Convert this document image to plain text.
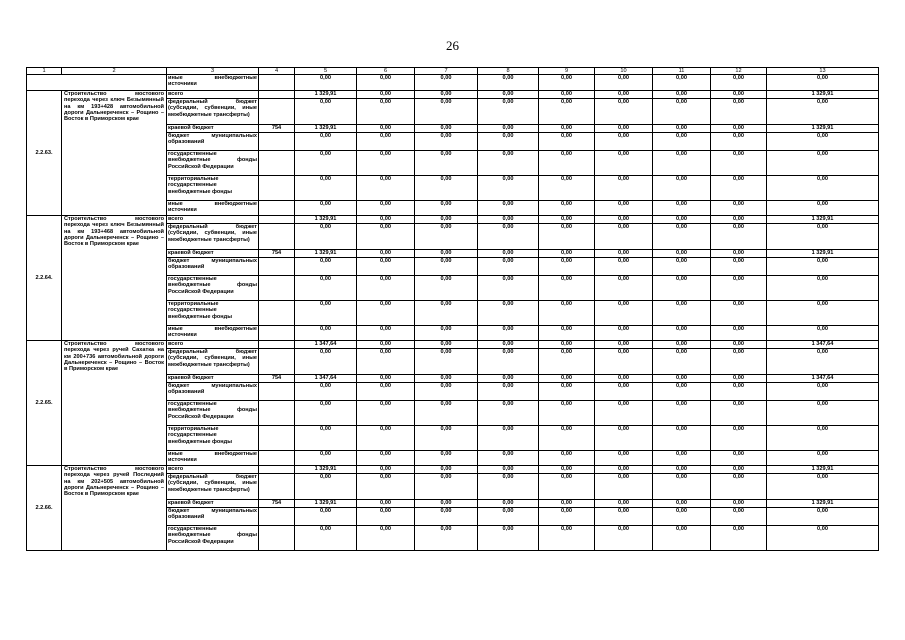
26
1	2	3	4	5	6	7	8	9	10	11	12	13
		иные внебюджетные источники		0,00	0,00	0,00	0,00	0,00	0,00	0,00	0,00	0,00
2.2.63.	Строительство мостового перехода через ключ Безымянный на км 193+428 автомобильной дороги Дальнереченск – Рощино – Восток в Приморском крае	всего		1 329,91	0,00	0,00	0,00	0,00	0,00	0,00	0,00	1 329,91
		федеральный бюджет (субсидии, субвенции, иные межбюджетные трансферты)		0,00	0,00	0,00	0,00	0,00	0,00	0,00	0,00	0,00
		краевой бюджет	754	1 329,91	0,00	0,00	0,00	0,00	0,00	0,00	0,00	1 329,91
		бюджет муниципальных образований		0,00	0,00	0,00	0,00	0,00	0,00	0,00	0,00	0,00
		государственные внебюджетные фонды Российской Федерации		0,00	0,00	0,00	0,00	0,00	0,00	0,00	0,00	0,00
		территориальные государственные внебюджетные фонды		0,00	0,00	0,00	0,00	0,00	0,00	0,00	0,00	0,00
		иные внебюджетные источники		0,00	0,00	0,00	0,00	0,00	0,00	0,00	0,00	0,00
2.2.64.	Строительство мостового перехода через ключ Безымянный на км 193+468 автомобильной дороги Дальнереченск – Рощино – Восток в Приморском крае	всего		1 329,91	0,00	0,00	0,00	0,00	0,00	0,00	0,00	1 329,91
		федеральный бюджет (субсидии, субвенции, иные межбюджетные трансферты)		0,00	0,00	0,00	0,00	0,00	0,00	0,00	0,00	0,00
		краевой бюджет	754	1 329,91	0,00	0,00	0,00	0,00	0,00	0,00	0,00	1 329,91
		бюджет муниципальных образований		0,00	0,00	0,00	0,00	0,00	0,00	0,00	0,00	0,00
		государственные внебюджетные фонды Российской Федерации		0,00	0,00	0,00	0,00	0,00	0,00	0,00	0,00	0,00
		территориальные государственные внебюджетные фонды		0,00	0,00	0,00	0,00	0,00	0,00	0,00	0,00	0,00
		иные внебюджетные источники		0,00	0,00	0,00	0,00	0,00	0,00	0,00	0,00	0,00
2.2.65.	Строительство мостового перехода через ручей Сахатка на км 200+736 автомобильной дороги Дальнереченск – Рощино – Восток в Приморском крае	всего		1 347,64	0,00	0,00	0,00	0,00	0,00	0,00	0,00	1 347,64
		федеральный бюджет (субсидии, субвенции, иные межбюджетные трансферты)		0,00	0,00	0,00	0,00	0,00	0,00	0,00	0,00	0,00
		краевой бюджет	754	1 347,64	0,00	0,00	0,00	0,00	0,00	0,00	0,00	1 347,64
		бюджет муниципальных образований		0,00	0,00	0,00	0,00	0,00	0,00	0,00	0,00	0,00
		государственные внебюджетные фонды Российской Федерации		0,00	0,00	0,00	0,00	0,00	0,00	0,00	0,00	0,00
		территориальные государственные внебюджетные фонды		0,00	0,00	0,00	0,00	0,00	0,00	0,00	0,00	0,00
		иные внебюджетные источники		0,00	0,00	0,00	0,00	0,00	0,00	0,00	0,00	0,00
2.2.66.	Строительство мостового перехода через ручей Последний на км 202+505 автомобильной дороги Дальнереченск – Рощино – Восток в Приморском крае	всего		1 329,91	0,00	0,00	0,00	0,00	0,00	0,00	0,00	1 329,91
		федеральный бюджет (субсидии, субвенции, иные межбюджетные трансферты)		0,00	0,00	0,00	0,00	0,00	0,00	0,00	0,00	0,00
		краевой бюджет	754	1 329,91	0,00	0,00	0,00	0,00	0,00	0,00	0,00	1 329,91
		бюджет муниципальных образований		0,00	0,00	0,00	0,00	0,00	0,00	0,00	0,00	0,00
		государственные внебюджетные фонды Российской Федерации		0,00	0,00	0,00	0,00	0,00	0,00	0,00	0,00	0,00
